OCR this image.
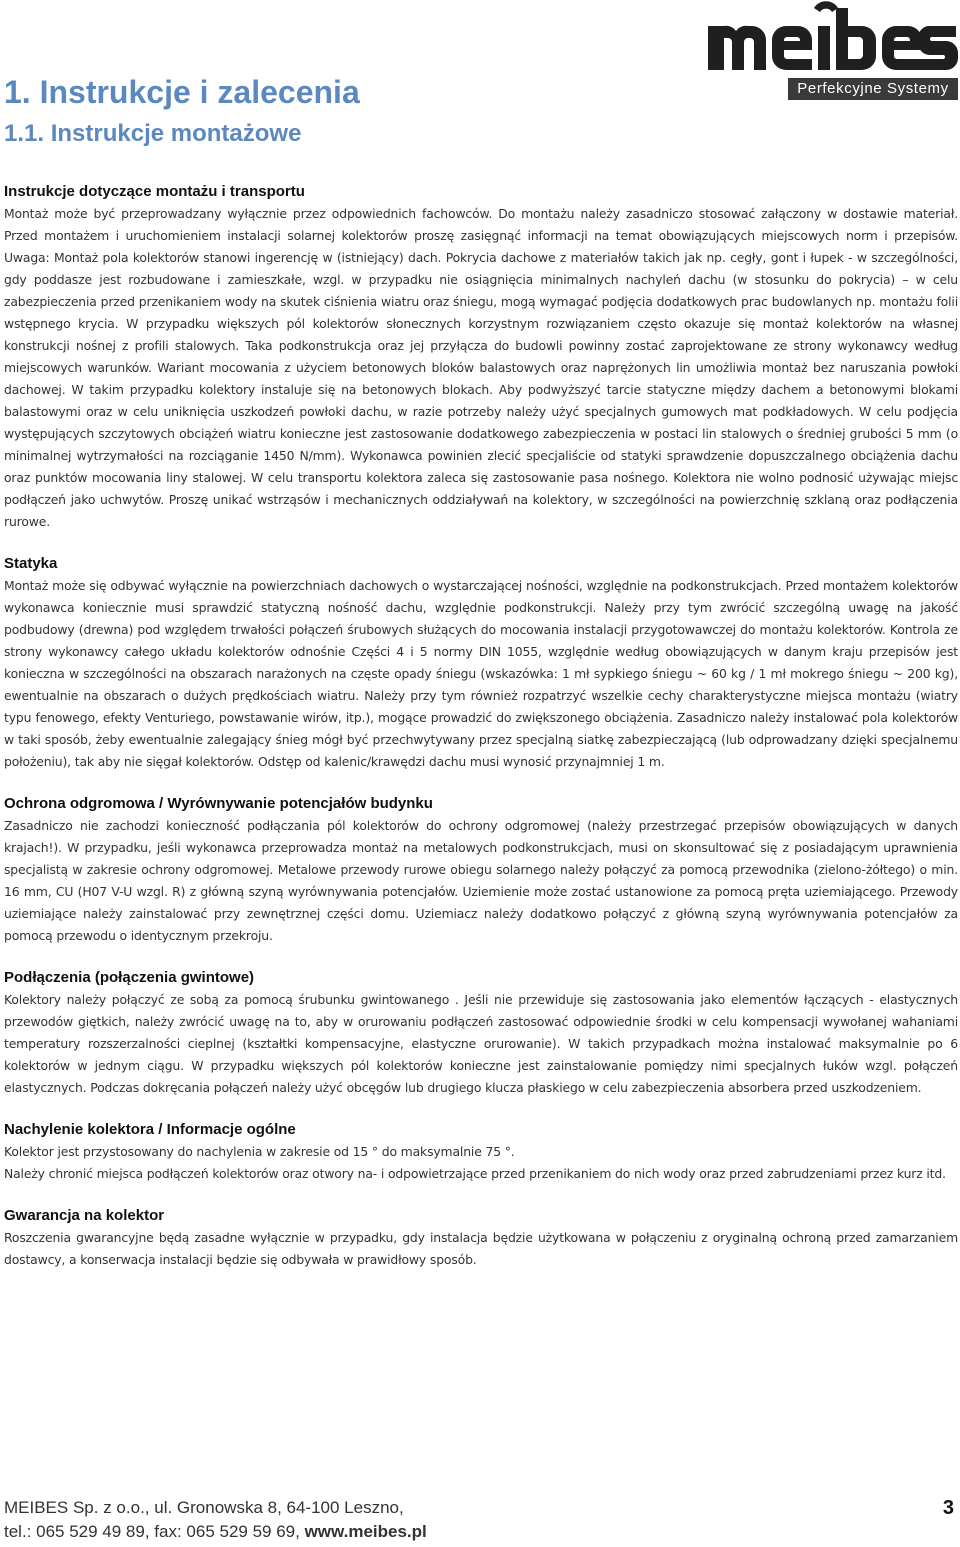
Perfekcyjne Systemy
1. Instrukcje i zalecenia
1.1. Instrukcje montażowe

Instrukcje dotyczące montażu i transportu

Montaż może być przeprowadzany wyłącznie przez odpowiednich fachowców. Do montażu należy zasadniczo stosować załączony w dostawie materiał. Przed montażem i uruchomieniem instalacji solarnej kolektorów proszę zasięgnąć informacji na temat obowiązujących miejscowych norm i przepisów. Uwaga: Montaż pola kolektorów stanowi ingerencję w (istniejący) dach. Pokrycia dachowe z materiałów takich jak np. cegły, gont i łupek - w szczególności, gdy poddasze jest rozbudowane i zamieszkałe, wzgl. w przypadku nie osiągnięcia minimalnych nachyleń dachu (w stosunku do pokrycia) – w celu zabezpieczenia przed przenikaniem wody na skutek ciśnienia wiatru oraz śniegu, mogą wymagać podjęcia dodatkowych prac budowlanych np. montażu folii wstępnego krycia. W przypadku większych pól kolektorów słonecznych korzystnym rozwiązaniem często okazuje się montaż kolektorów na własnej konstrukcji nośnej z profili stalowych. Taka podkonstrukcja oraz jej przyłącza do budowli powinny zostać zaprojektowane ze strony wykonawcy według miejscowych warunków. Wariant mocowania z użyciem betonowych bloków balastowych oraz naprężonych lin umożliwia montaż bez naruszania powłoki dachowej. W takim przypadku kolektory instaluje się na betonowych blokach. Aby podwyższyć tarcie statyczne między dachem a betonowymi blokami balastowymi oraz w celu uniknięcia uszkodzeń powłoki dachu, w razie potrzeby należy użyć specjalnych gumowych mat podkładowych. W celu podjęcia występujących szczytowych obciążeń wiatru konieczne jest zastosowanie dodatkowego zabezpieczenia w postaci lin stalowych o średniej grubości 5 mm (o minimalnej wytrzymałości na rozciąganie 1450 N/mm). Wykonawca powinien zlecić specjaliście od statyki sprawdzenie dopuszczalnego obciążenia dachu oraz punktów mocowania liny stalowej. W celu transportu kolektora zaleca się zastosowanie pasa nośnego. Kolektora nie wolno podnosić używając miejsc podłączeń jako uchwytów. Proszę unikać wstrząsów i mechanicznych oddziaływań na kolektory, w szczególności na powierzchnię szklaną oraz podłączenia rurowe.

Statyka

Montaż może się odbywać wyłącznie na powierzchniach dachowych o wystarczającej nośności, względnie na podkonstrukcjach. Przed montażem kolektorów wykonawca koniecznie musi sprawdzić statyczną nośność dachu, względnie podkonstrukcji. Należy przy tym zwrócić szczególną uwagę na jakość podbudowy (drewna) pod względem trwałości połączeń śrubowych służących do mocowania instalacji przygotowawczej do montażu kolektorów. Kontrola ze strony wykonawcy całego układu kolektorów odnośnie Części 4 i 5 normy DIN 1055, względnie według obowiązujących w danym kraju przepisów jest konieczna w szczególności na obszarach narażonych na częste opady śniegu (wskazówka: 1 mł sypkiego śniegu ~ 60 kg / 1 mł mokrego śniegu ~ 200 kg), ewentualnie na obszarach o dużych prędkościach wiatru. Należy przy tym również rozpatrzyć wszelkie cechy charakterystyczne miejsca montażu (wiatry typu fenowego, efekty Venturiego, powstawanie wirów, itp.), mogące prowadzić do zwiększonego obciążenia. Zasadniczo należy instalować pola kolektorów w taki sposób, żeby ewentualnie zalegający śnieg mógł być przechwytywany przez specjalną siatkę zabezpieczającą (lub odprowadzany dzięki specjalnemu położeniu), tak aby nie sięgał kolektorów. Odstęp od kalenic/krawędzi dachu musi wynosić przynajmniej 1 m.

Ochrona odgromowa / Wyrównywanie potencjałów budynku

Zasadniczo nie zachodzi konieczność podłączania pól kolektorów do ochrony odgromowej (należy przestrzegać przepisów obowiązujących w danych krajach!). W przypadku, jeśli wykonawca przeprowadza montaż na metalowych podkonstrukcjach, musi on skonsultować się z posiadającym uprawnienia specjalistą w zakresie ochrony odgromowej. Metalowe przewody rurowe obiegu solarnego należy połączyć za pomocą przewodnika (zielono-żółtego) o min. 16 mm, CU (H07 V-U wzgl. R) z główną szyną wyrównywania potencjałów. Uziemienie może zostać ustanowione za pomocą pręta uziemiającego. Przewody uziemiające należy zainstalować przy zewnętrznej części domu. Uziemiacz należy dodatkowo połączyć z główną szyną wyrównywania potencjałów za pomocą przewodu o identycznym przekroju.

Podłączenia (połączenia gwintowe)

Kolektory należy połączyć ze sobą za pomocą śrubunku gwintowanego . Jeśli nie przewiduje się zastosowania jako elementów łączących - elastycznych przewodów giętkich, należy zwrócić uwagę na to, aby w orurowaniu podłączeń zastosować odpowiednie środki w celu kompensacji wywołanej wahaniami temperatury rozszerzalności cieplnej (kształtki kompensacyjne, elastyczne orurowanie). W takich przypadkach można instalować maksymalnie po 6 kolektorów w jednym ciągu. W przypadku większych pól kolektorów konieczne jest zainstalowanie pomiędzy nimi specjalnych łuków wzgl. połączeń elastycznych. Podczas dokręcania połączeń należy użyć obcęgów lub drugiego klucza płaskiego w celu zabezpieczenia absorbera przed uszkodzeniem.

Nachylenie kolektora / Informacje ogólne

Kolektor jest przystosowany do nachylenia w zakresie od 15 ° do maksymalnie 75 °.
Należy chronić miejsca podłączeń kolektorów oraz otwory na- i odpowietrzające przed przenikaniem do nich wody oraz przed zabrudzeniami przez kurz itd.

Gwarancja na kolektor

Roszczenia gwarancyjne będą zasadne wyłącznie w przypadku, gdy instalacja będzie użytkowana w połączeniu z oryginalną ochroną przed zamarzaniem dostawcy, a konserwacja instalacji będzie się odbywała w prawidłowy sposób.

MEIBES Sp. z o.o., ul. Gronowska 8, 64-100 Leszno,
tel.: 065 529 49 89, fax: 065 529 59 69, www.meibes.pl
3
